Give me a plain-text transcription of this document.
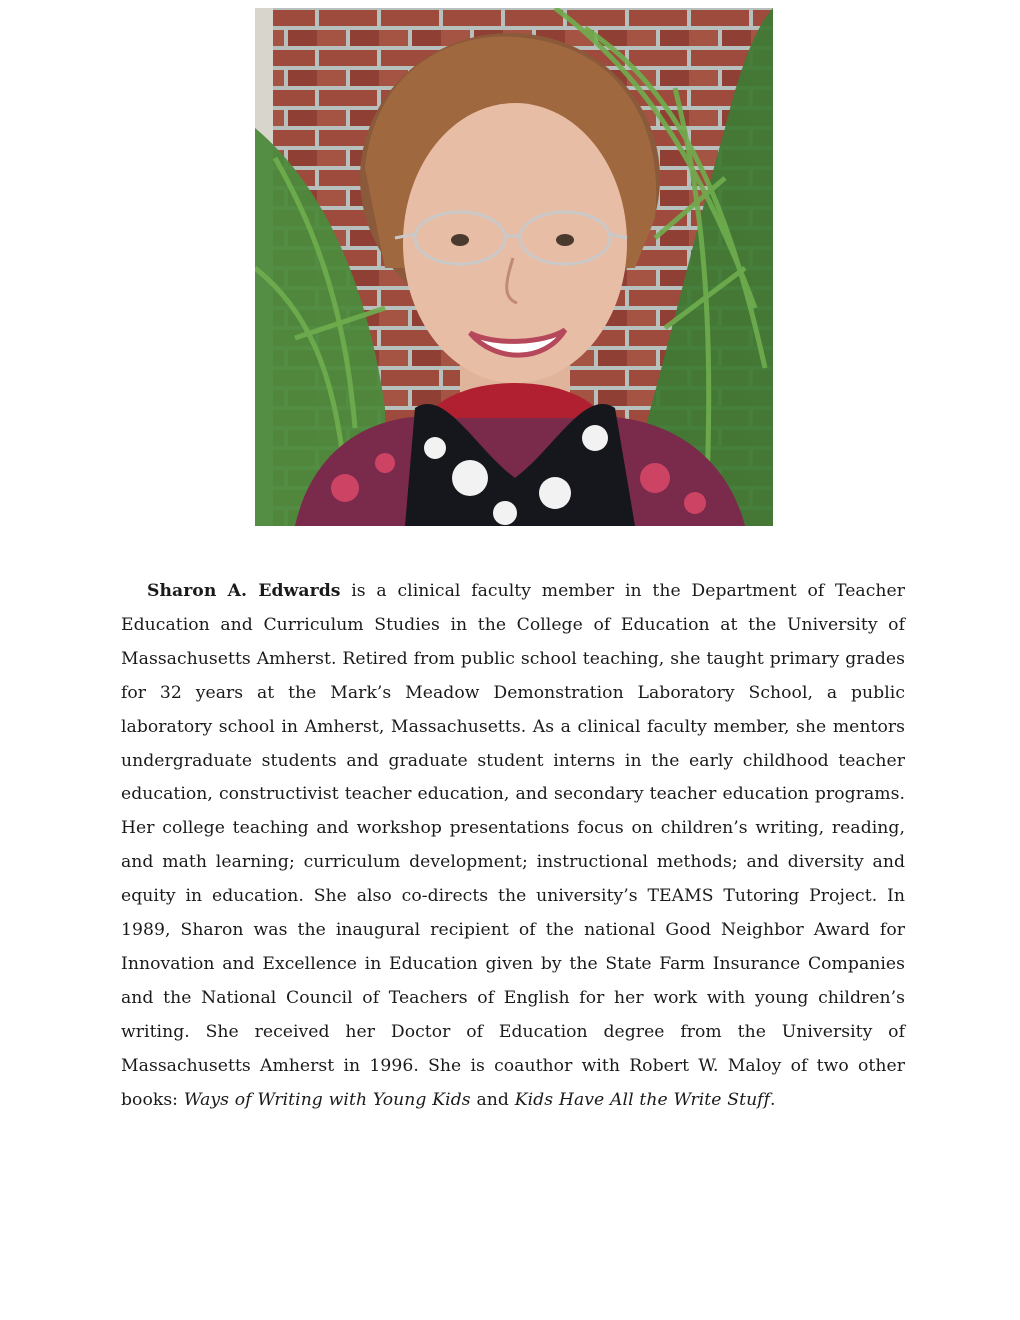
Sharon A. Edwards is a clinical faculty member in the Department of Teacher Education and Curriculum Studies in the College of Education at the University of Massachusetts Amherst. Retired from public school teaching, she taught primary grades for 32 years at the Mark’s Meadow Demonstration Laboratory School, a public laboratory school in Amherst, Massachusetts. As a clinical faculty member, she mentors undergraduate students and graduate student interns in the early childhood teacher education, constructivist teacher education, and secondary teacher education programs. Her college teaching and workshop presentations focus on children’s writing, reading, and math learning; curriculum development; instructional methods; and diversity and equity in education. She also co-directs the university’s TEAMS Tutoring Project. In 1989, Sharon was the inaugural recipient of the national Good Neighbor Award for Innovation and Excellence in Education given by the State Farm Insurance Companies and the National Council of Teachers of English for her work with young children’s writing. She received her Doctor of Education degree from the University of Massachusetts Amherst in 1996. She is coauthor with Robert W. Maloy of two other books: Ways of Writing with Young Kids and Kids Have All the Write Stuff.
